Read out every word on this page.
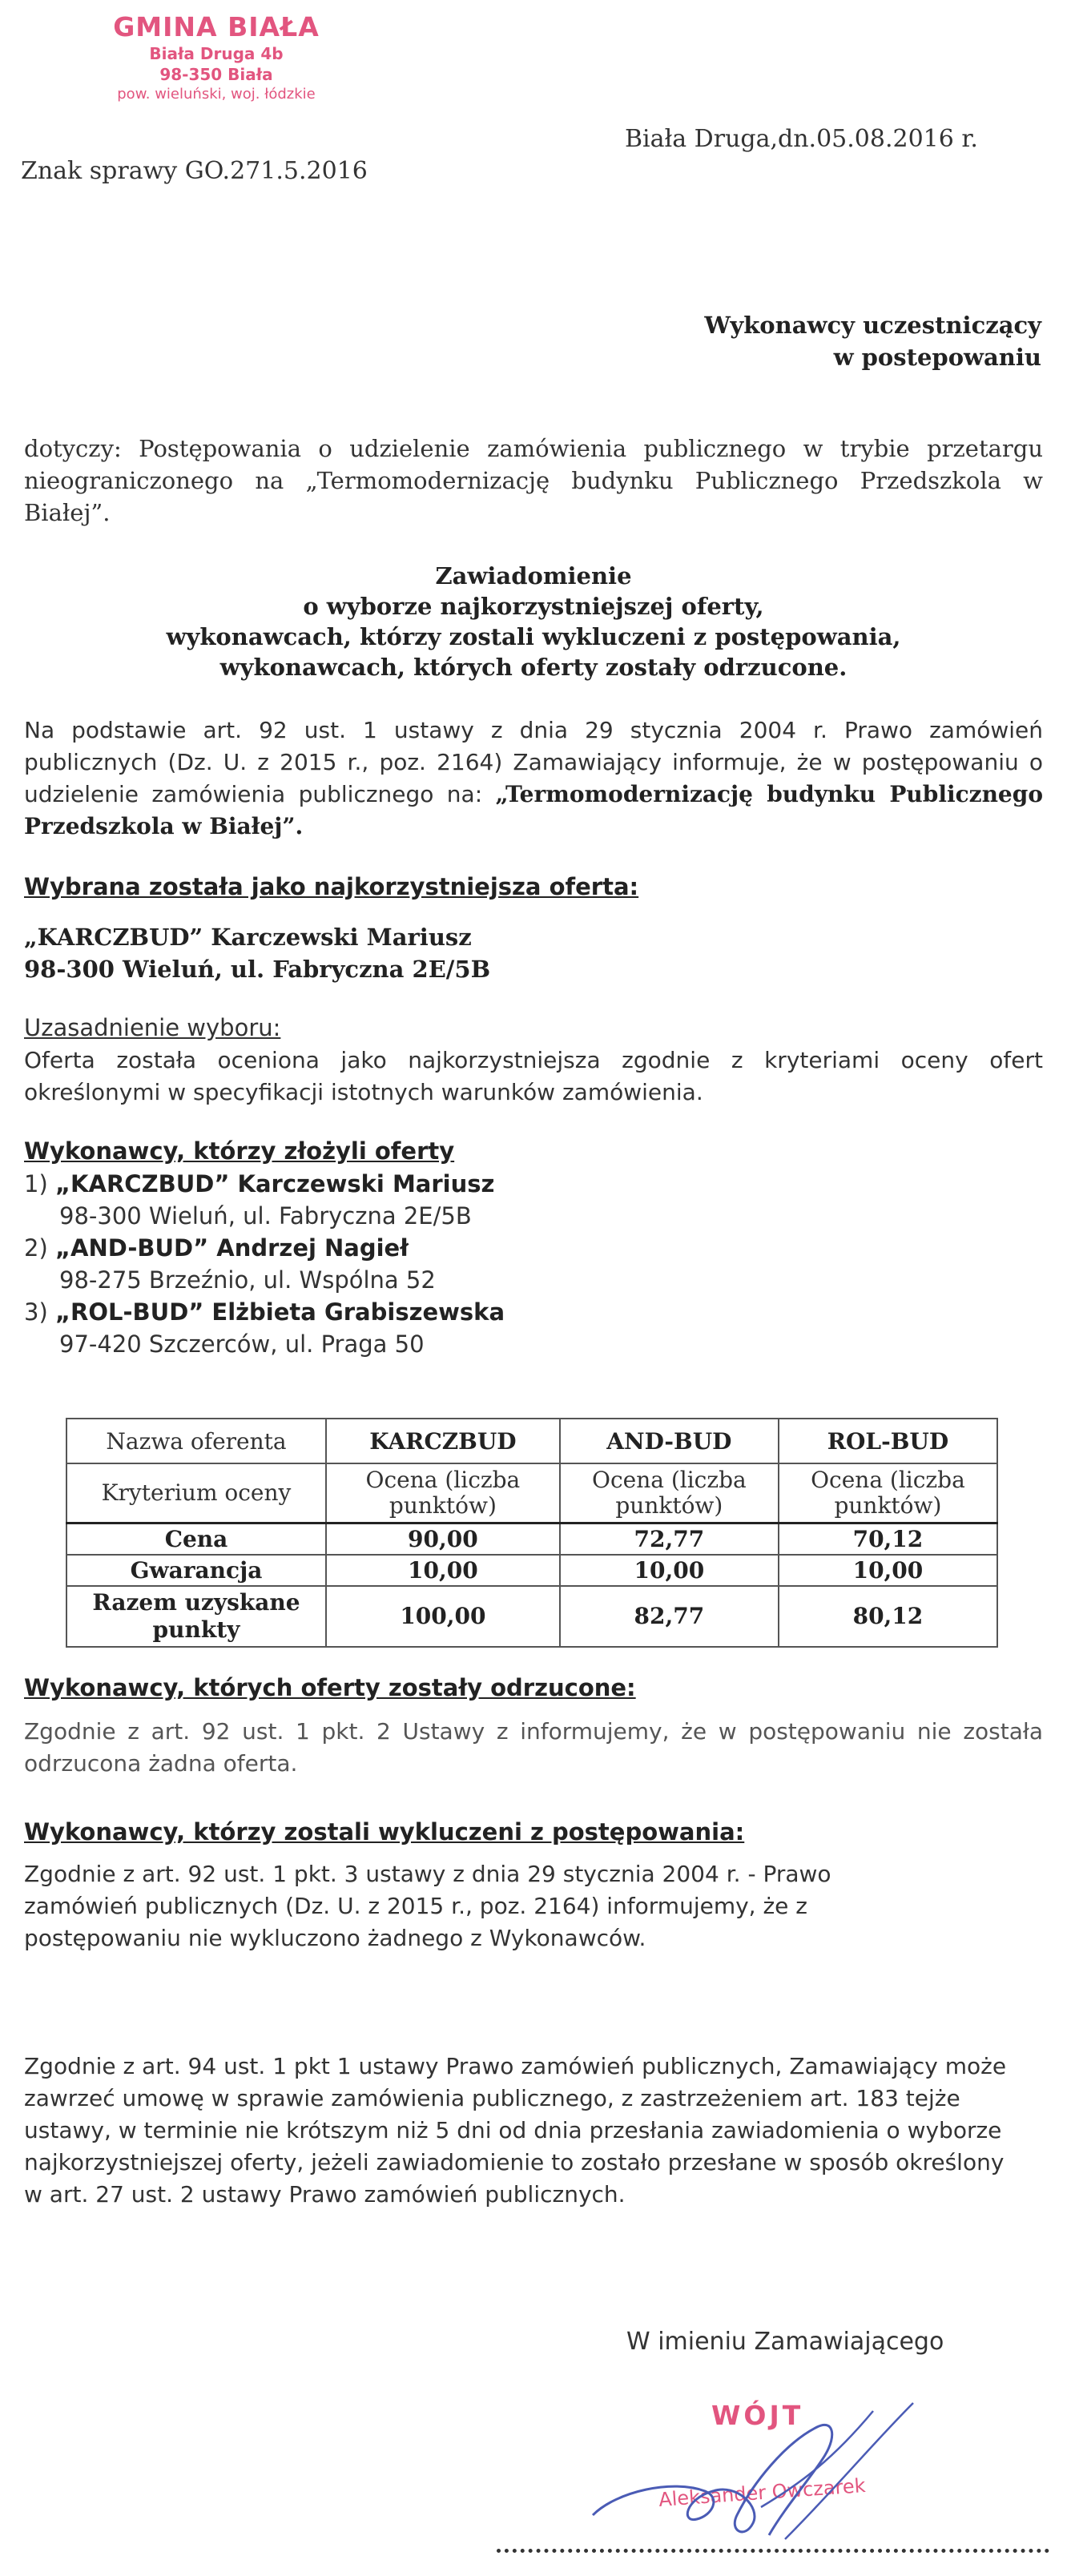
GMINA BIAŁA
Biała Druga 4b
98-350 Biała
pow. wieluński, woj. łódzkie
Biała Druga,dn.05.08.2016 r.
Znak sprawy GO.271.5.2016
Wykonawcy uczestniczący
w postepowaniu
dotyczy: Postępowania o udzielenie zamówienia publicznego w trybie przetargu nieograniczonego na „Termomodernizację budynku Publicznego Przedszkola w Białej”.
Zawiadomienie
o wyborze najkorzystniejszej oferty,
wykonawcach, którzy zostali wykluczeni z postępowania,
wykonawcach, których oferty zostały odrzucone.
Na podstawie art. 92 ust. 1 ustawy z dnia 29 stycznia 2004 r. Prawo zamówień publicznych (Dz. U. z 2015 r., poz. 2164) Zamawiający informuje, że w postępowaniu o udzielenie zamówienia publicznego na: „Termomodernizację budynku Publicznego Przedszkola w Białej”.
Wybrana została jako najkorzystniejsza oferta:
„KARCZBUD” Karczewski Mariusz
98-300 Wieluń, ul. Fabryczna 2E/5B
Uzasadnienie wyboru:
Oferta została oceniona jako najkorzystniejsza zgodnie z kryteriami oceny ofert określonymi w specyfikacji istotnych warunków zamówienia.
Wykonawcy, którzy złożyli oferty
1) „KARCZBUD” Karczewski Mariusz
98-300 Wieluń, ul. Fabryczna 2E/5B
2) „AND-BUD” Andrzej Nagieł
98-275 Brzeźnio, ul. Wspólna 52
3) „ROL-BUD” Elżbieta Grabiszewska
97-420 Szczerców, ul. Praga 50
Nazwa oferenta	KARCZBUD	AND-BUD	ROL-BUD
Kryterium oceny	Ocena (liczba punktów)	Ocena (liczba punktów)	Ocena (liczba punktów)
Cena	90,00	72,77	70,12
Gwarancja	10,00	10,00	10,00
Razem uzyskane punkty	100,00	82,77	80,12
Wykonawcy, których oferty zostały odrzucone:
Zgodnie z art. 92 ust. 1 pkt. 2 Ustawy z informujemy, że w postępowaniu nie została odrzucona żadna oferta.
Wykonawcy, którzy zostali wykluczeni z postępowania:
Zgodnie z art. 92 ust. 1 pkt. 3 ustawy z dnia 29 stycznia 2004 r. - Prawo zamówień publicznych (Dz. U. z 2015 r., poz. 2164) informujemy, że z postępowaniu nie wykluczono żadnego z Wykonawców.
Zgodnie z art. 94 ust. 1 pkt 1 ustawy Prawo zamówień publicznych, Zamawiający może zawrzeć umowę w sprawie zamówienia publicznego, z zastrzeżeniem art. 183 tejże ustawy, w terminie nie krótszym niż 5 dni od dnia przesłania zawiadomienia o wyborze najkorzystniejszej oferty, jeżeli zawiadomienie to zostało przesłane w sposób określony w art. 27 ust. 2 ustawy Prawo zamówień publicznych.
W imieniu Zamawiającego
WÓJT
Aleksander Owczarek
